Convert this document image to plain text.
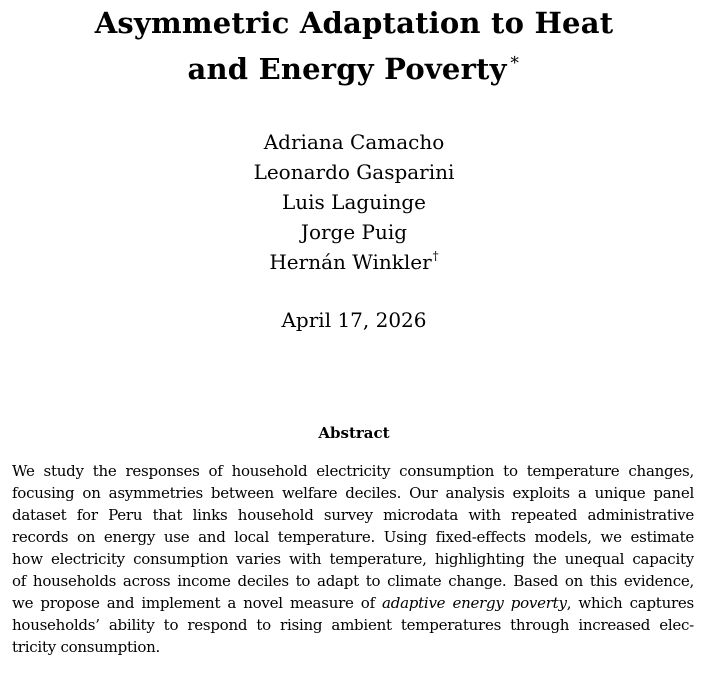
Asymmetric Adaptation to Heat
and Energy Poverty ∗
Adriana Camacho
Leonardo Gasparini
Luis Laguinge
Jorge Puig
Hernán Winkler†
April 17, 2026
Abstract
We study the responses of household electricity consumption to temperature changes,
focusing on asymmetries between welfare deciles. Our analysis exploits a unique panel
dataset for Peru that links household survey microdata with repeated administrative
records on energy use and local temperature. Using fixed-effects models, we estimate
how electricity consumption varies with temperature, highlighting the unequal capacity
of households across income deciles to adapt to climate change. Based on this evidence,
we propose and implement a novel measure of adaptive energy poverty, which captures
households’ ability to respond to rising ambient temperatures through increased elec-
tricity consumption.
